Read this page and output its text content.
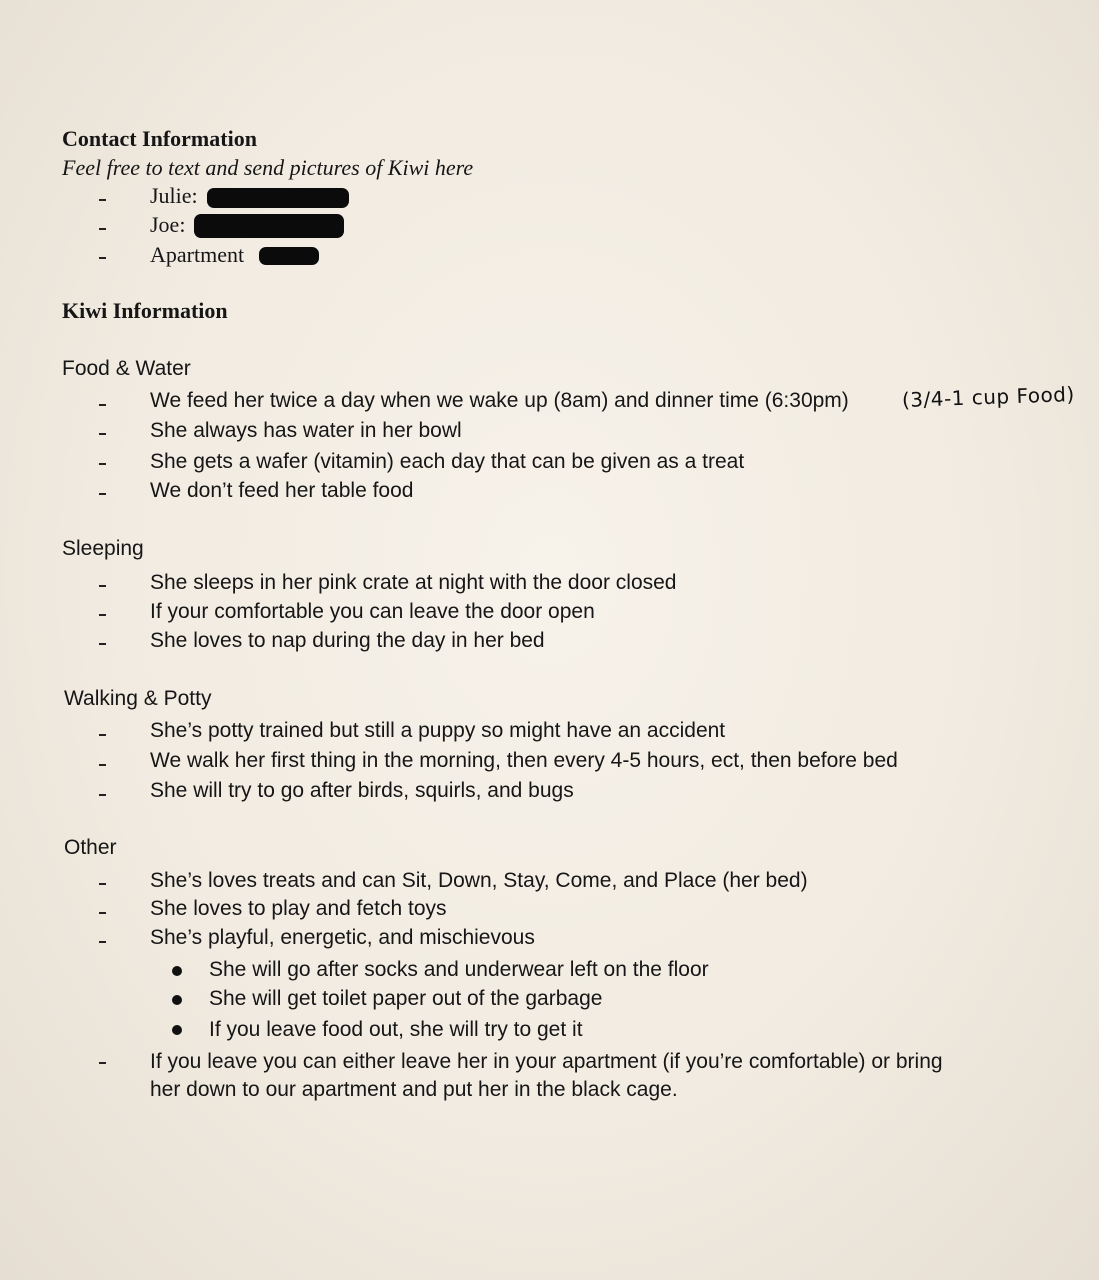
Contact Information
Feel free to text and send pictures of Kiwi here
Julie:
Joe:
Apartment
Kiwi Information
Food & Water
We feed her twice a day when we wake up (8am) and dinner time (6:30pm)	(3/4-1 cup Food)
She always has water in her bowl
She gets a wafer (vitamin) each day that can be given as a treat
We don’t feed her table food
Sleeping
She sleeps in her pink crate at night with the door closed
If your comfortable you can leave the door open
She loves to nap during the day in her bed
Walking & Potty
She’s potty trained but still a puppy so might have an accident
We walk her first thing in the morning, then every 4-5 hours, ect, then before bed
She will try to go after birds, squirls, and bugs
Other
She’s loves treats and can Sit, Down, Stay, Come, and Place (her bed)
She loves to play and fetch toys
She’s playful, energetic, and mischievous
She will go after socks and underwear left on the floor
She will get toilet paper out of the garbage
If you leave food out, she will try to get it
If you leave you can either leave her in your apartment (if you’re comfortable) or bring
her down to our apartment and put her in the black cage.
